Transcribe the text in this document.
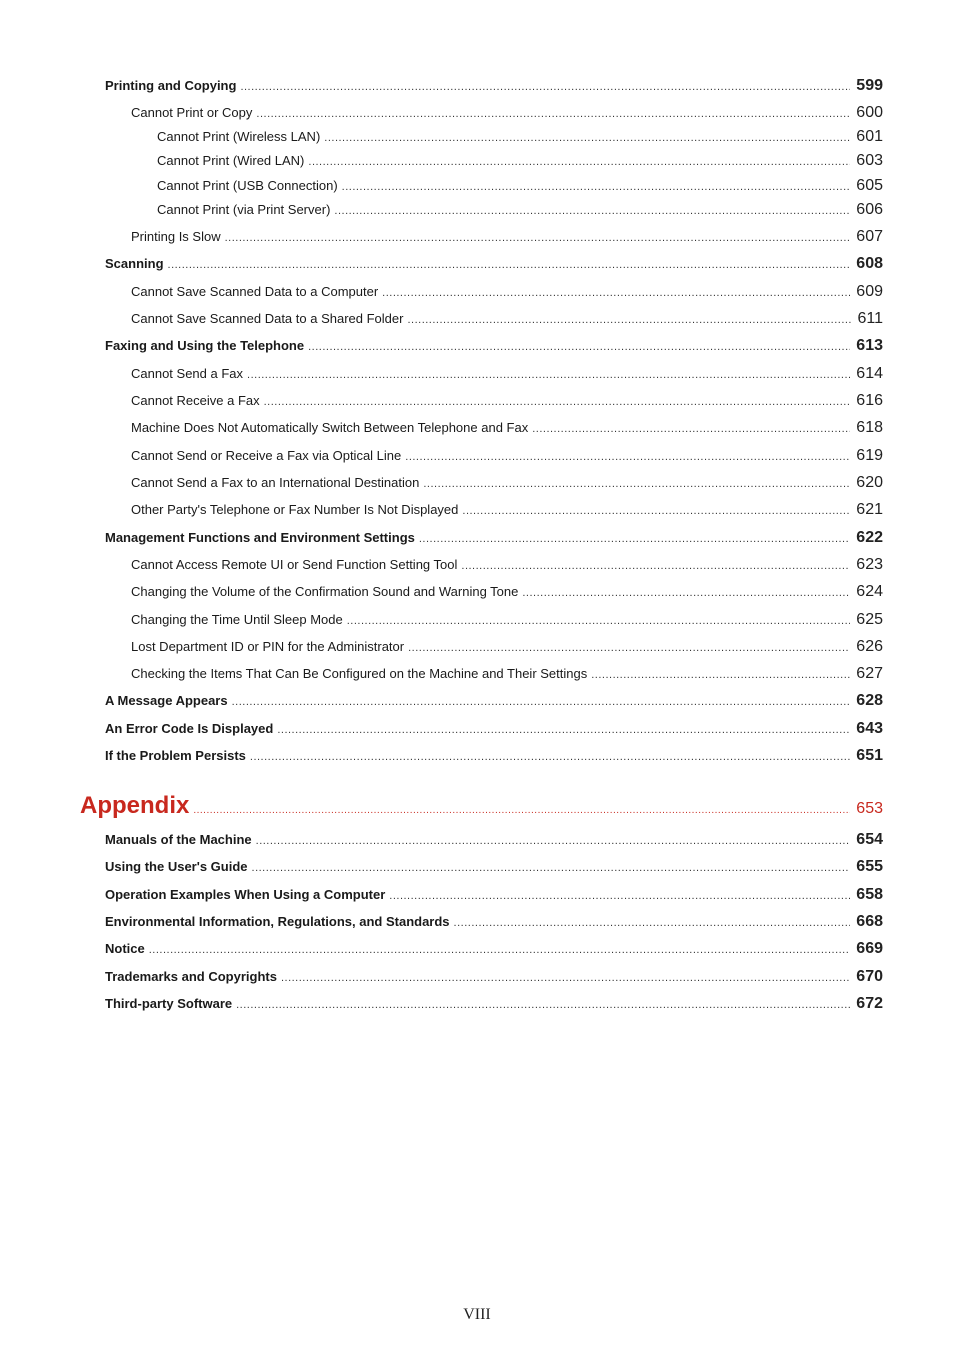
Printing and Copying .....	599
Cannot Print or Copy .....	600
Cannot Print (Wireless LAN) .....	601
Cannot Print (Wired LAN) .....	603
Cannot Print (USB Connection) .....	605
Cannot Print (via Print Server) .....	606
Printing Is Slow .....	607
Scanning .....	608
Cannot Save Scanned Data to a Computer .....	609
Cannot Save Scanned Data to a Shared Folder .....	611
Faxing and Using the Telephone .....	613
Cannot Send a Fax .....	614
Cannot Receive a Fax .....	616
Machine Does Not Automatically Switch Between Telephone and Fax .....	618
Cannot Send or Receive a Fax via Optical Line .....	619
Cannot Send a Fax to an International Destination .....	620
Other Party's Telephone or Fax Number Is Not Displayed .....	621
Management Functions and Environment Settings .....	622
Cannot Access Remote UI or Send Function Setting Tool .....	623
Changing the Volume of the Confirmation Sound and Warning Tone .....	624
Changing the Time Until Sleep Mode .....	625
Lost Department ID or PIN for the Administrator .....	626
Checking the Items That Can Be Configured on the Machine and Their Settings .....	627
A Message Appears .....	628
An Error Code Is Displayed .....	643
If the Problem Persists .....	651
Appendix .....	653
Manuals of the Machine .....	654
Using the User's Guide .....	655
Operation Examples When Using a Computer .....	658
Environmental Information, Regulations, and Standards .....	668
Notice .....	669
Trademarks and Copyrights .....	670
Third-party Software .....	672
VIII
